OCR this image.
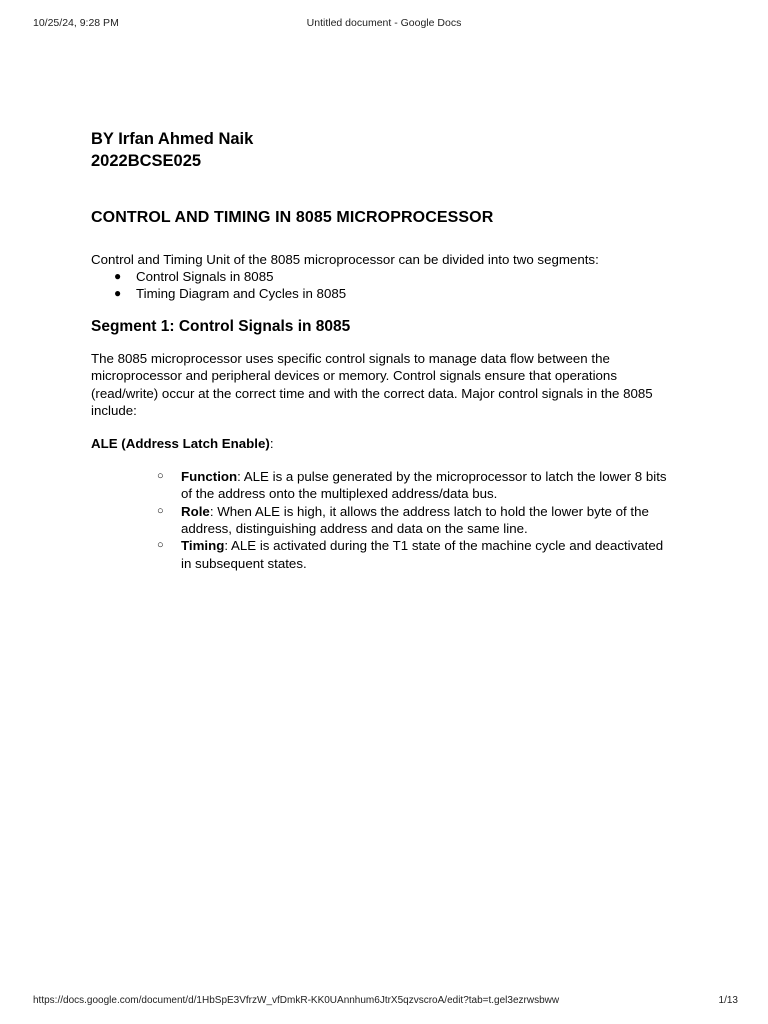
10/25/24, 9:28 PM	Untitled document - Google Docs

BY Irfan Ahmed Naik

2022BCSE025

CONTROL AND TIMING IN 8085 MICROPROCESSOR

Control and Timing Unit of the 8085 microprocessor can be divided into two segments:

● Control Signals in 8085
● Timing Diagram and Cycles in 8085

Segment 1: Control Signals in 8085

The 8085 microprocessor uses specific control signals to manage data flow between the microprocessor and peripheral devices or memory. Control signals ensure that operations (read/write) occur at the correct time and with the correct data. Major control signals in the 8085 include:

ALE (Address Latch Enable):

○ Function: ALE is a pulse generated by the microprocessor to latch the lower 8 bits of the address onto the multiplexed address/data bus.
○ Role: When ALE is high, it allows the address latch to hold the lower byte of the address, distinguishing address and data on the same line.
○ Timing: ALE is activated during the T1 state of the machine cycle and deactivated in subsequent states.
https://docs.google.com/document/d/1HbSpE3VfrzW_vfDmkR-KK0UAnnhum6JtrX5qzvscroA/edit?tab=t.gel3ezrwsbww	1/13
